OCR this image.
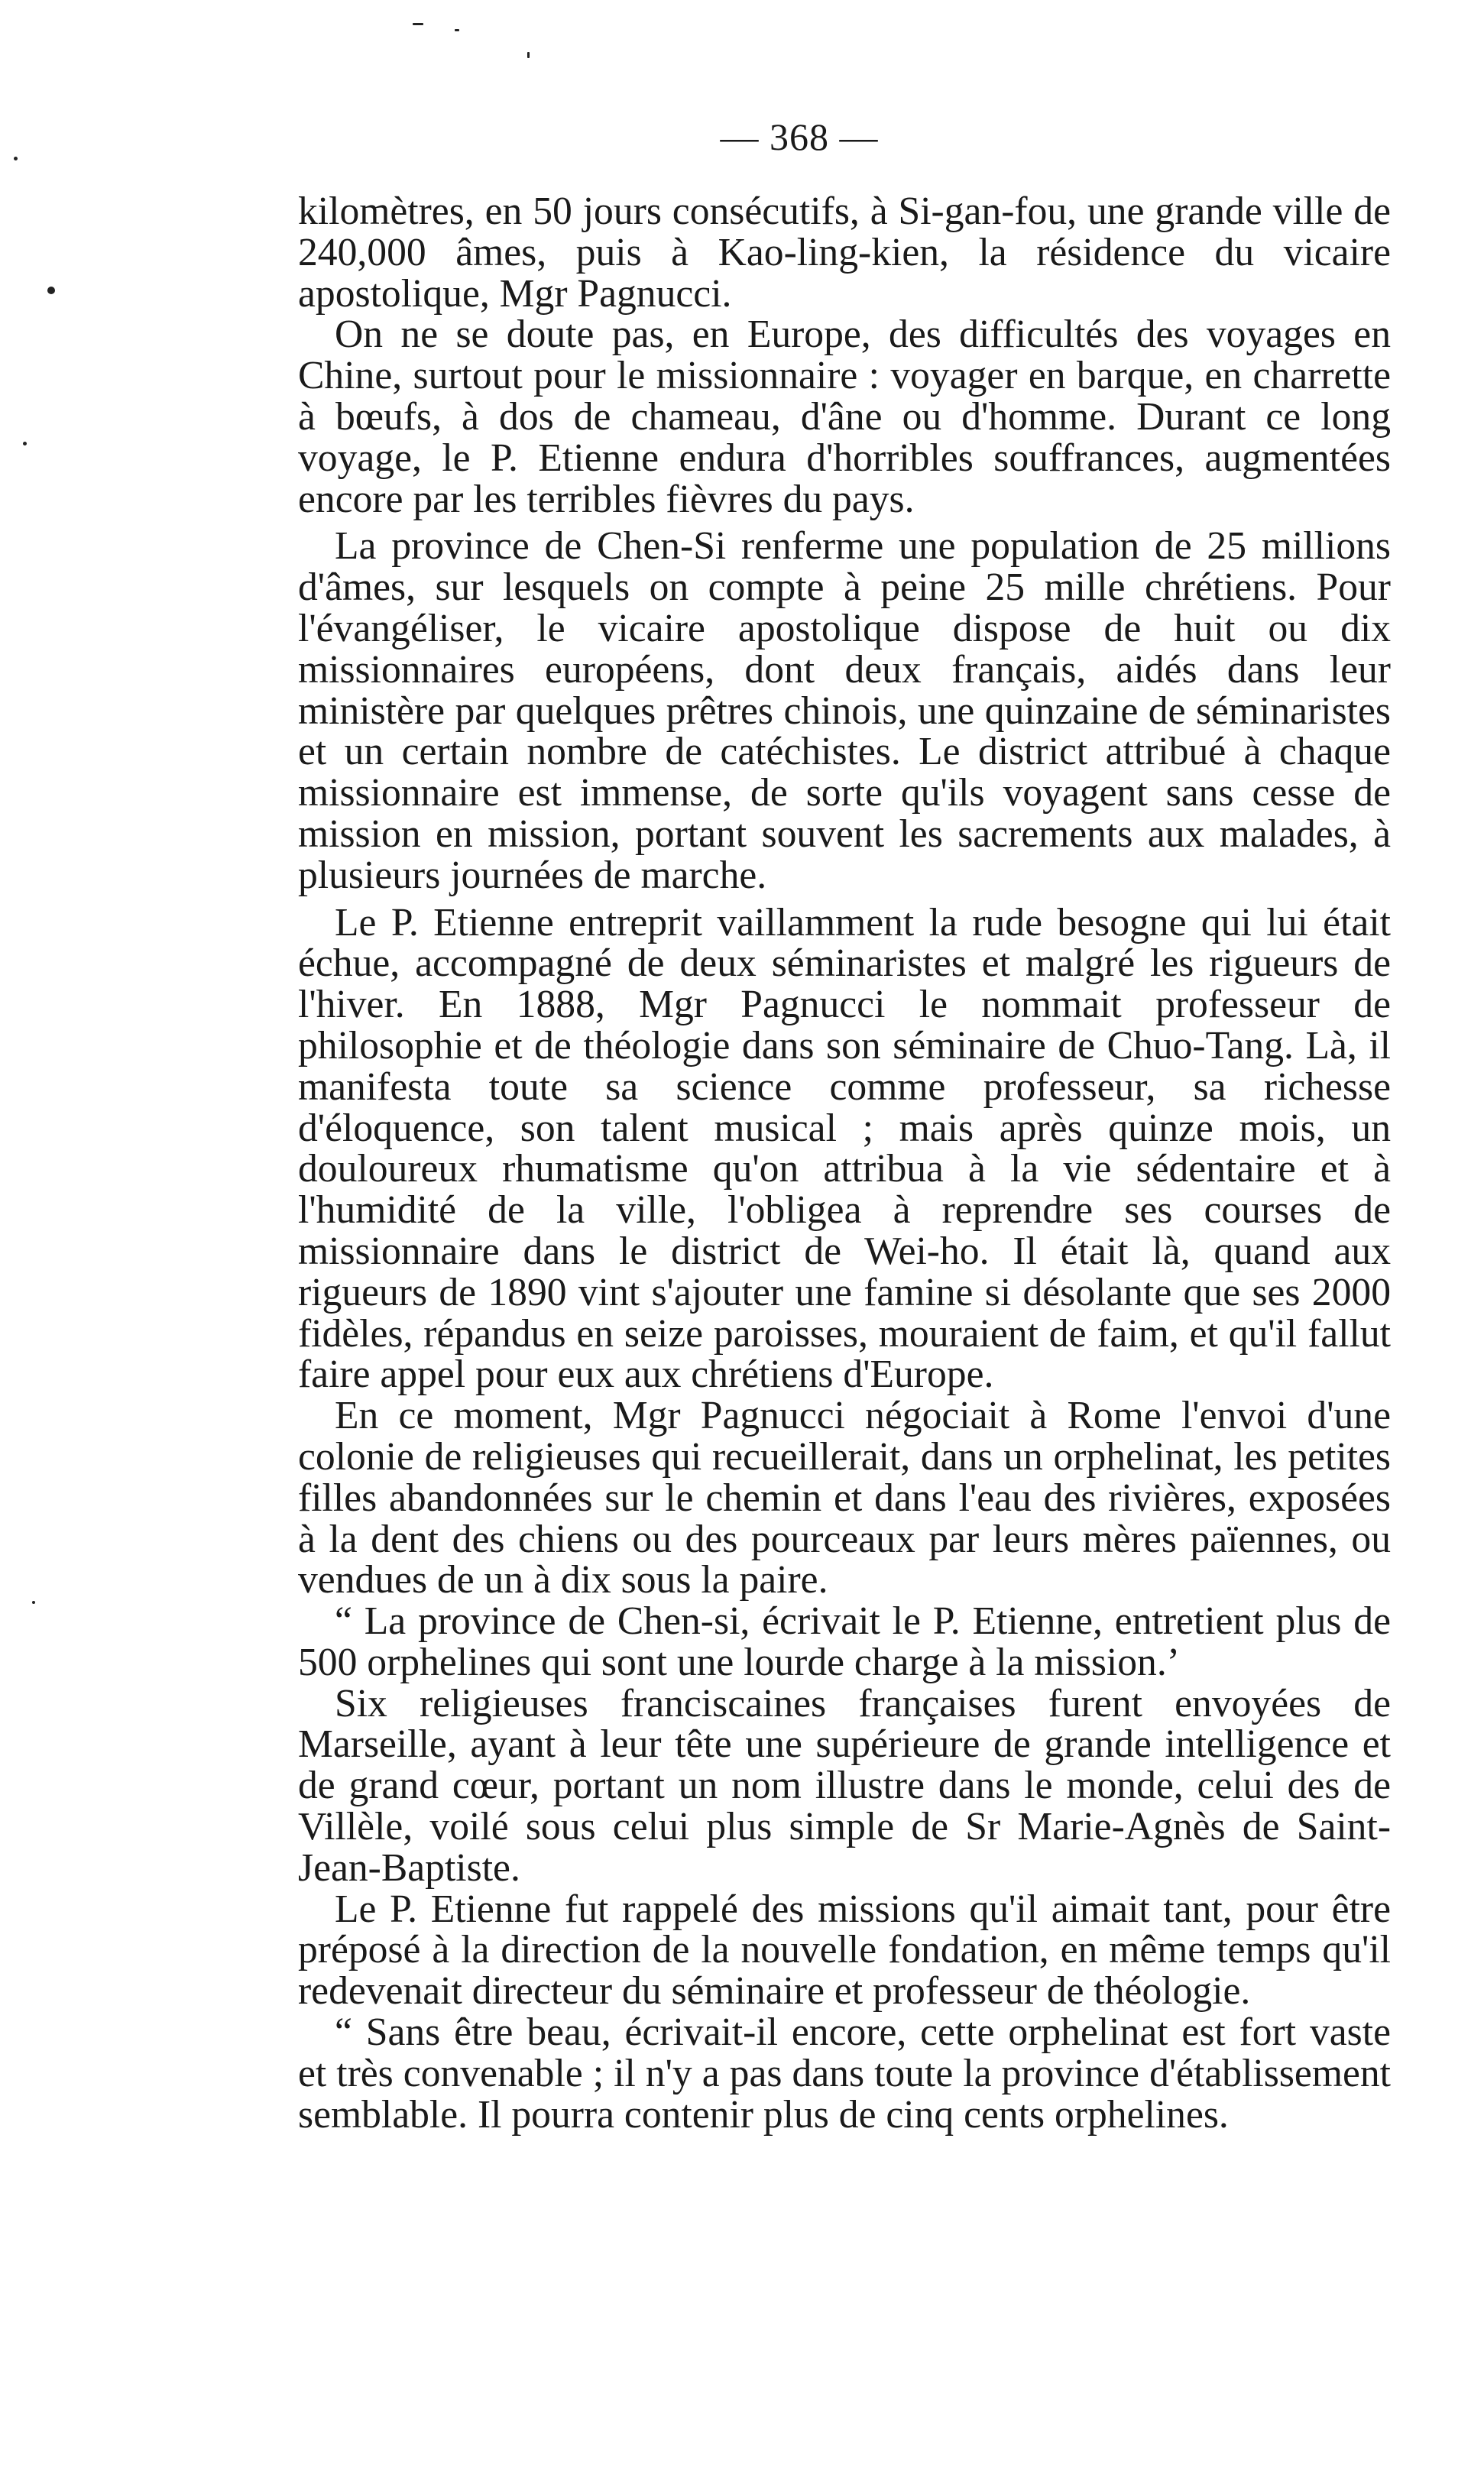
— 368 —

kilomètres, en 50 jours consécutifs, à Si-gan-fou, une grande ville de 240,000 âmes, puis à Kao-ling-kien, la résidence du vicaire apostolique, Mgr Pagnucci.

On ne se doute pas, en Europe, des difficultés des voyages en Chine, surtout pour le missionnaire : voyager en barque, en charrette à bœufs, à dos de chameau, d'âne ou d'homme. Durant ce long voyage, le P. Etienne endura d'horribles souffrances, augmentées encore par les terribles fièvres du pays.

La province de Chen-Si renferme une population de 25 millions d'âmes, sur lesquels on compte à peine 25 mille chrétiens. Pour l'évangéliser, le vicaire apostolique dispose de huit ou dix missionnaires européens, dont deux français, aidés dans leur ministère par quelques prêtres chinois, une quinzaine de séminaristes et un certain nombre de catéchistes. Le district attribué à chaque missionnaire est immense, de sorte qu'ils voyagent sans cesse de mission en mission, portant souvent les sacrements aux malades, à plusieurs journées de marche.

Le P. Etienne entreprit vaillamment la rude besogne qui lui était échue, accompagné de deux séminaristes et malgré les rigueurs de l'hiver. En 1888, Mgr Pagnucci le nommait professeur de philosophie et de théologie dans son séminaire de Chuo-Tang. Là, il manifesta toute sa science comme professeur, sa richesse d'éloquence, son talent musical ; mais après quinze mois, un douloureux rhumatisme qu'on attribua à la vie sédentaire et à l'humidité de la ville, l'obligea à reprendre ses courses de missionnaire dans le district de Wei-ho. Il était là, quand aux rigueurs de 1890 vint s'ajouter une famine si désolante que ses 2000 fidèles, répandus en seize paroisses, mouraient de faim, et qu'il fallut faire appel pour eux aux chrétiens d'Europe.

En ce moment, Mgr Pagnucci négociait à Rome l'envoi d'une colonie de religieuses qui recueillerait, dans un orphelinat, les petites filles abandonnées sur le chemin et dans l'eau des rivières, exposées à la dent des chiens ou des pourceaux par leurs mères païennes, ou vendues de un à dix sous la paire.

“ La province de Chen-si, écrivait le P. Etienne, entretient plus de 500 orphelines qui sont une lourde charge à la mission.’

Six religieuses franciscaines françaises furent envoyées de Marseille, ayant à leur tête une supérieure de grande intelligence et de grand cœur, portant un nom illustre dans le monde, celui des de Villèle, voilé sous celui plus simple de Sr Marie-Agnès de Saint-Jean-Baptiste.

Le P. Etienne fut rappelé des missions qu'il aimait tant, pour être préposé à la direction de la nouvelle fondation, en même temps qu'il redevenait directeur du séminaire et professeur de théologie.

“ Sans être beau, écrivait-il encore, cette orphelinat est fort vaste et très convenable ; il n'y a pas dans toute la province d'établissement semblable. Il pourra contenir plus de cinq cents orphelines.
